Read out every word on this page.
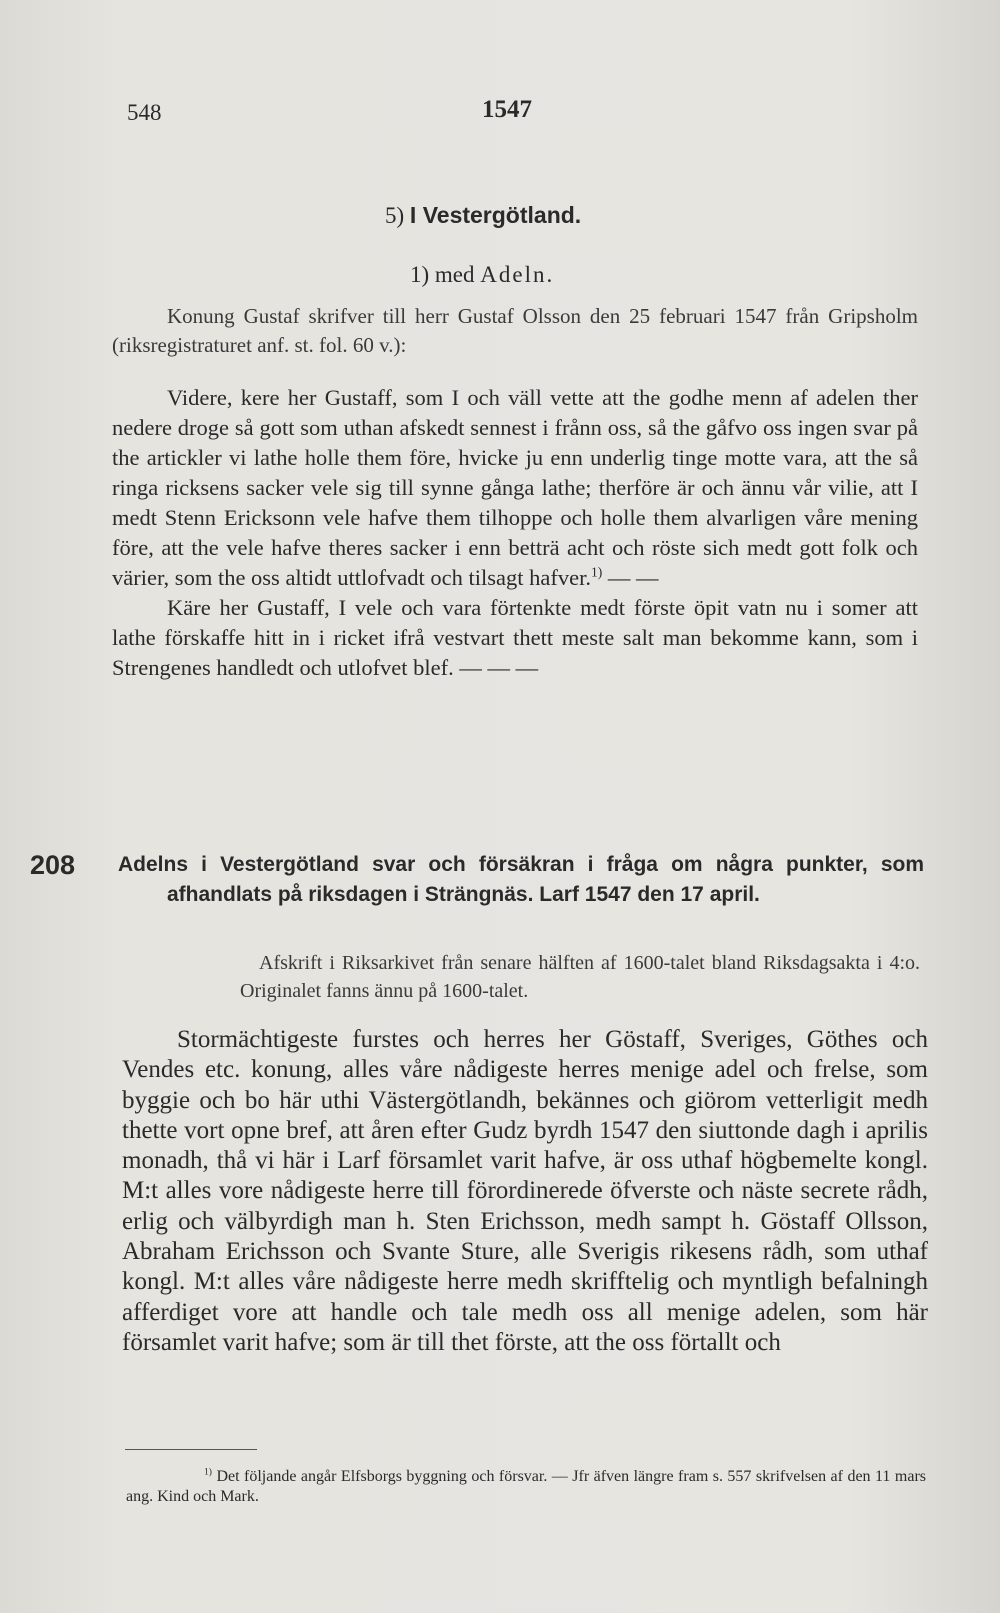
548	1547
5) I Vestergötland.
1) med Adeln.

Konung Gustaf skrifver till herr Gustaf Olsson den 25 februari 1547 från Gripsholm (riksregistraturet anf. st. fol. 60 v.):

Videre, kere her Gustaff, som I och väll vette att the godhe menn af adelen ther nedere droge så gott som uthan afskedt sennest i frånn oss, så the gåfvo oss ingen svar på the artickler vi lathe holle them före, hvicke ju enn underlig tinge motte vara, att the så ringa ricksens sacker vele sig till synne gånga lathe; therföre är och ännu vår vilie, att I medt Stenn Ericksonn vele hafve them tilhoppe och holle them alvarligen våre mening före, att the vele hafve theres sacker i enn betträ acht och röste sich medt gott folk och värier, som the oss altidt uttlofvadt och tilsagt hafver.$^{1)}$ — —

Käre her Gustaff, I vele och vara förtenkte medt förste öpit vatn nu i somer att lathe förskaffe hitt in i ricket ifrå vestvart thett meste salt man bekomme kann, som i Strengenes handledt och utlofvet blef. — — —

208 Adelns i Vestergötland svar och försäkran i fråga om några punkter, som afhandlats på riksdagen i Strängnäs. Larf 1547 den 17 april.

Afskrift i Riksarkivet från senare hälften af 1600-talet bland Riksdagsakta i 4:o. Originalet fanns ännu på 1600-talet.

Stormächtigeste furstes och herres her Göstaff, Sveriges, Göthes och Vendes etc. konung, alles våre nådigeste herres menige adel och frelse, som byggie och bo här uthi Västergötlandh, bekännes och giörom vetterligit medh thette vort opne bref, att åren efter Gudz byrdh 1547 den siuttonde dagh i aprilis monadh, thå vi här i Larf församlet varit hafve, är oss uthaf högbemelte kongl. M:t alles vore nådigeste herre till förordinerede öfverste och näste secrete rådh, erlig och välbyrdigh man h. Sten Erichsson, medh sampt h. Göstaff Ollsson, Abraham Erichsson och Svante Sture, alle Sverigis rikesens rådh, som uthaf kongl. M:t alles våre nådigeste herre medh skrifftelig och myntligh befalningh afferdiget vore att handle och tale medh oss all menige adelen, som här församlet varit hafve; som är till thet förste, att the oss förtallt och

$^{1)}$ Det följande angår Elfsborgs byggning och försvar. — Jfr äfven längre fram s. 557 skrifvelsen af den 11 mars ang. Kind och Mark.
